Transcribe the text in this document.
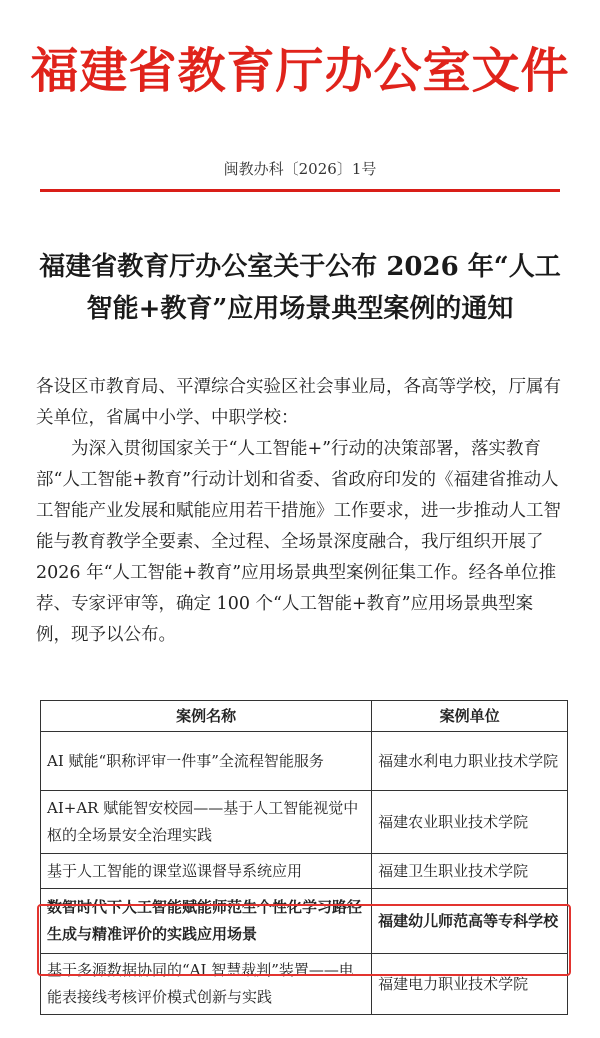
福建省教育厅办公室文件
闽教办科〔2026〕1号
福建省教育厅办公室关于公布 2026 年“人工
智能+教育”应用场景典型案例的通知

各设区市教育局、平潭综合实验区社会事业局，各高等学校，厅属有关单位，省属中小学、中职学校：

为深入贯彻国家关于“人工智能+”行动的决策部署，落实教育部“人工智能+教育”行动计划和省委、省政府印发的《福建省推动人工智能产业发展和赋能应用若干措施》工作要求，进一步推动人工智能与教育教学全要素、全过程、全场景深度融合，我厅组织开展了 2026 年“人工智能+教育”应用场景典型案例征集工作。经各单位推荐、专家评审等，确定 100 个“人工智能+教育”应用场景典型案例，现予以公布。

案例名称	案例单位
AI 赋能“职称评审一件事”全流程智能服务	福建水利电力职业技术学院
AI+AR 赋能智安校园——基于人工智能视觉中枢的全场景安全治理实践	福建农业职业技术学院
基于人工智能的课堂巡课督导系统应用	福建卫生职业技术学院
数智时代下人工智能赋能师范生个性化学习路径生成与精准评价的实践应用场景	福建幼儿师范高等专科学校
基于多源数据协同的“AI 智慧裁判”装置——电能表接线考核评价模式创新与实践	福建电力职业技术学院
